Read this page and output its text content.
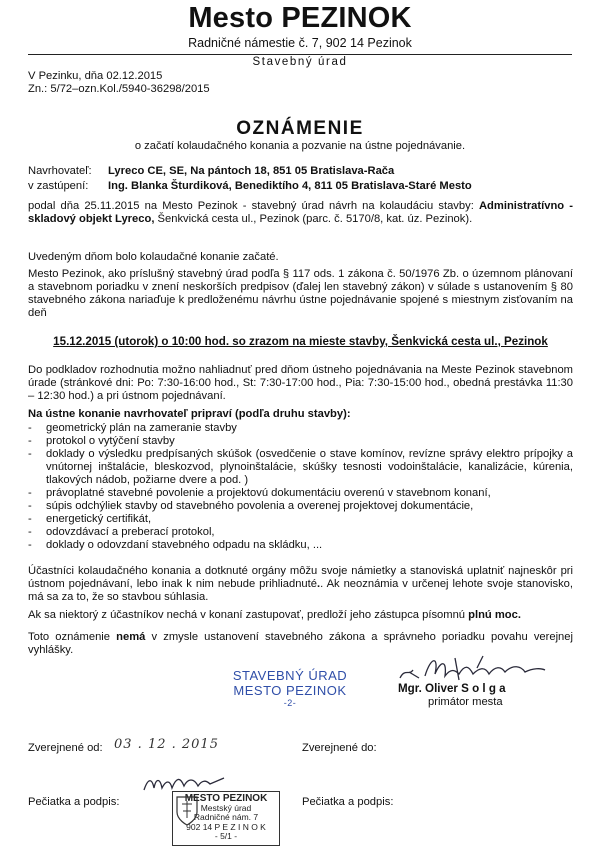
Mesto PEZINOK
Radničné námestie č. 7, 902 14 Pezinok
Stavebný úrad
V Pezinku, dňa 02.12.2015
Zn.: 5/72–ozn.Kol./5940-36298/2015
OZNÁMENIE
o začatí kolaudačného konania a pozvanie na ústne pojednávanie.
Navrhovateľ: Lyreco CE, SE, Na pántoch 18, 851 05 Bratislava-Rača
v zastúpení: Ing. Blanka Šturdiková, Benediktího 4, 811 05 Bratislava-Staré Mesto
podal dňa 25.11.2015 na Mesto Pezinok - stavebný úrad návrh na kolaudáciu stavby: Administratívno - skladový objekt Lyreco, Šenkvická cesta ul., Pezinok (parc. č. 5170/8, kat. úz. Pezinok).
Uvedeným dňom bolo kolaudačné konanie začaté.
Mesto Pezinok, ako príslušný stavebný úrad podľa § 117 ods. 1 zákona č. 50/1976 Zb. o územnom plánovaní a stavebnom poriadku v znení neskorších predpisov (ďalej len stavebný zákon) v súlade s ustanovením § 80 stavebného zákona nariaďuje k predloženému návrhu ústne pojednávanie spojené s miestnym zisťovaním na deň
15.12.2015 (utorok) o 10:00 hod. so zrazom na mieste stavby, Šenkvická cesta ul., Pezinok
Do podkladov rozhodnutia možno nahliadnuť pred dňom ústneho pojednávania na Meste Pezinok stavebnom úrade (stránkové dni: Po: 7:30-16:00 hod., St: 7:30-17:00 hod., Pia: 7:30-15:00 hod., obedná prestávka 11:30 – 12:30 hod.) a pri ústnom pojednávaní.
Na ústne konanie navrhovateľ pripraví (podľa druhu stavby):
- geometrický plán na zameranie stavby
- protokol o vytýčení stavby
- doklady o výsledku predpísaných skúšok (osvedčenie o stave komínov, revízne správy elektro prípojky a vnútornej inštalácie, bleskozvod, plynoinštalácie, skúšky tesnosti vodoinštalácie, kanalizácie, kúrenia, tlakových nádob, požiarne dvere a pod. )
- právoplatné stavebné povolenie a projektovú dokumentáciu overenú v stavebnom konaní,
- súpis odchýliek stavby od stavebného povolenia a overenej projektovej dokumentácie,
- energetický certifikát,
- odovzdávací a preberací protokol,
- doklady o odovzdaní stavebného odpadu na skládku, ...
Účastníci kolaudačného konania a dotknuté orgány môžu svoje námietky a stanoviská uplatniť najneskôr pri ústnom pojednávaní, lebo inak k nim nebude prihliadnuté.. Ak neoznámia v určenej lehote svoje stanovisko, má sa za to, že so stavbou súhlasia.
Ak sa niektorý z účastníkov nechá v konaní zastupovať, predloží jeho zástupca písomnú plnú moc.
Toto oznámenie nemá v zmysle ustanovení stavebného zákona a správneho poriadku povahu verejnej vyhlášky.
STAVEBNÝ ÚRAD
MESTO PEZINOK
-2-
Mgr. Oliver S o l g a
primátor mesta
Zverejnené od: 03 . 12 . 2015	Zverejnené do:
Pečiatka a podpis:	Pečiatka a podpis:
MESTO PEZINOK
Mestský úrad
Radničné nám. 7
902 14 P E Z I N O K
- 5/1 -
